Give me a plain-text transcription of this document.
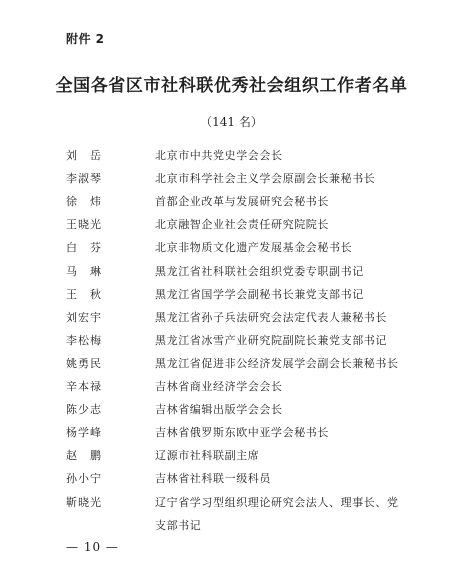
附件 2
全国各省区市社科联优秀社会组织工作者名单
（141 名）
刘岳	北京市中共党史学会会长
李淑琴	北京市科学社会主义学会原副会长兼秘书长
徐炜	首都企业改革与发展研究会秘书长
王晓光	北京融智企业社会责任研究院院长
白芬	北京非物质文化遗产发展基金会秘书长
马琳	黑龙江省社科联社会组织党委专职副书记
王秋	黑龙江省国学学会副秘书长兼党支部书记
刘宏宇	黑龙江省孙子兵法研究会法定代表人兼秘书长
李松梅	黑龙江省冰雪产业研究院副院长兼党支部书记
姚勇民	黑龙江省促进非公经济发展学会副会长兼秘书长
辛本禄	吉林省商业经济学会会长
陈少志	吉林省编辑出版学会会长
杨学峰	吉林省俄罗斯东欧中亚学会秘书长
赵鹏	辽源市社科联副主席
孙小宁	吉林省社科联一级科员
靳晓光	辽宁省学习型组织理论研究会法人、理事长、党
支部书记
— 10 —
